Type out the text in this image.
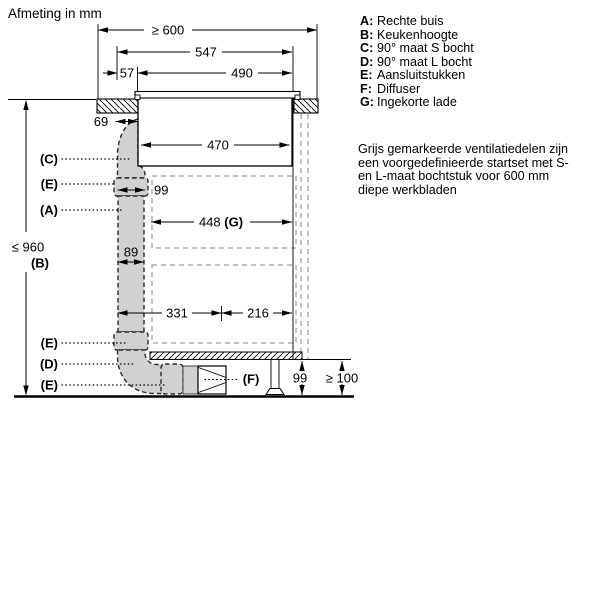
Afmeting in mm	A: Rechte buis
B: Keukenhoogte
C: 90° maat S bocht
D: 90° maat L bocht
E: Aansluitstukken
F: Diffuser
G: Ingekorte lade
Grijs gemarkeerde ventilatiedelen zijn
een voorgedefinieerde startset met S-
en L-maat bochtstuk voor 600 mm
diepe werkbladen
≥ 600
547
57	490
69
470
99
448 (G)
89
331	216
≤ 960
(B)
99 ≥ 100
(C)
(E)
(A)
(E)
(D)
(E)	(F)
